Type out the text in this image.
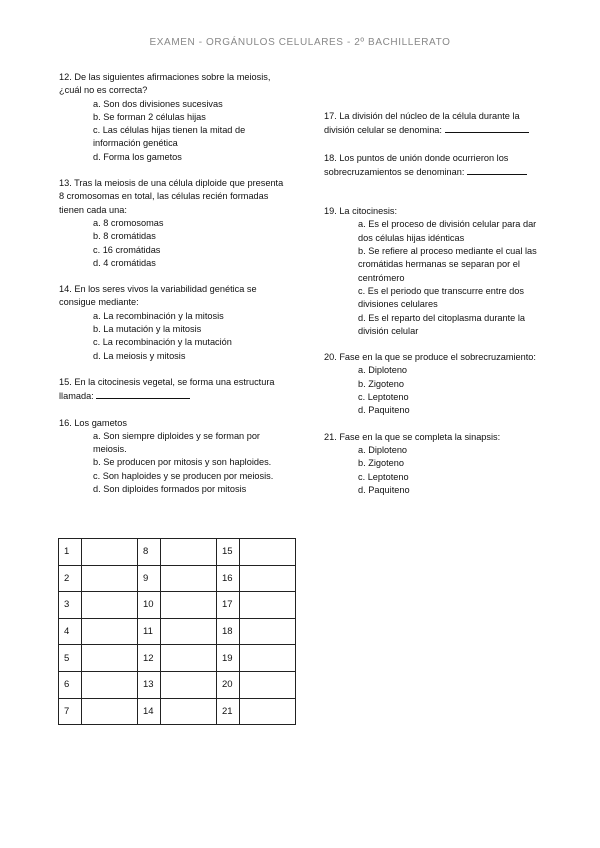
EXAMEN - ORGÁNULOS CELULARES - 2º BACHILLERATO

12. De las siguientes afirmaciones sobre la meiosis, ¿cuál no es correcta?

a. Son dos divisiones sucesivas
b. Se forman 2 células hijas
c. Las células hijas tienen la mitad de información genética
d. Forma los gametos

13. Tras la meiosis de una célula diploide que presenta 8 cromosomas en total, las células recién formadas tienen cada una:

a. 8 cromosomas
b. 8 cromátidas
c. 16 cromátidas
d. 4 cromátidas

14. En los seres vivos la variabilidad genética se consigue mediante:

a. La recombinación y la mitosis
b. La mutación y la mitosis
c. La recombinación y la mutación
d. La meiosis y mitosis

15. En la citocinesis vegetal, se forma una estructura llamada:

16. Los gametos

a. Son siempre diploides y se forman por meiosis.
b. Se producen por mitosis y son haploides.
c. Son haploides y se producen por meiosis.
d. Son diploides formados por mitosis

17. La división del núcleo de la célula durante la división celular se denomina:

18. Los puntos de unión donde ocurrieron los sobrecruzamientos se denominan:

19. La citocinesis:

a. Es el proceso de división celular para dar dos células hijas idénticas
b. Se refiere al proceso mediante el cual las cromátidas hermanas se separan por el centrómero
c. Es el periodo que transcurre entre dos divisiones celulares
d. Es el reparto del citoplasma durante la división celular

20. Fase en la que se produce el sobrecruzamiento:

a. Diploteno
b. Zigoteno
c. Leptoteno
d. Paquiteno

21. Fase en la que se completa la sinapsis:

a. Diploteno
b. Zigoteno
c. Leptoteno
d. Paquiteno
1		8		15	
2		9		16	
3		10		17	
4		11		18	
5		12		19	
6		13		20	
7		14		21	
